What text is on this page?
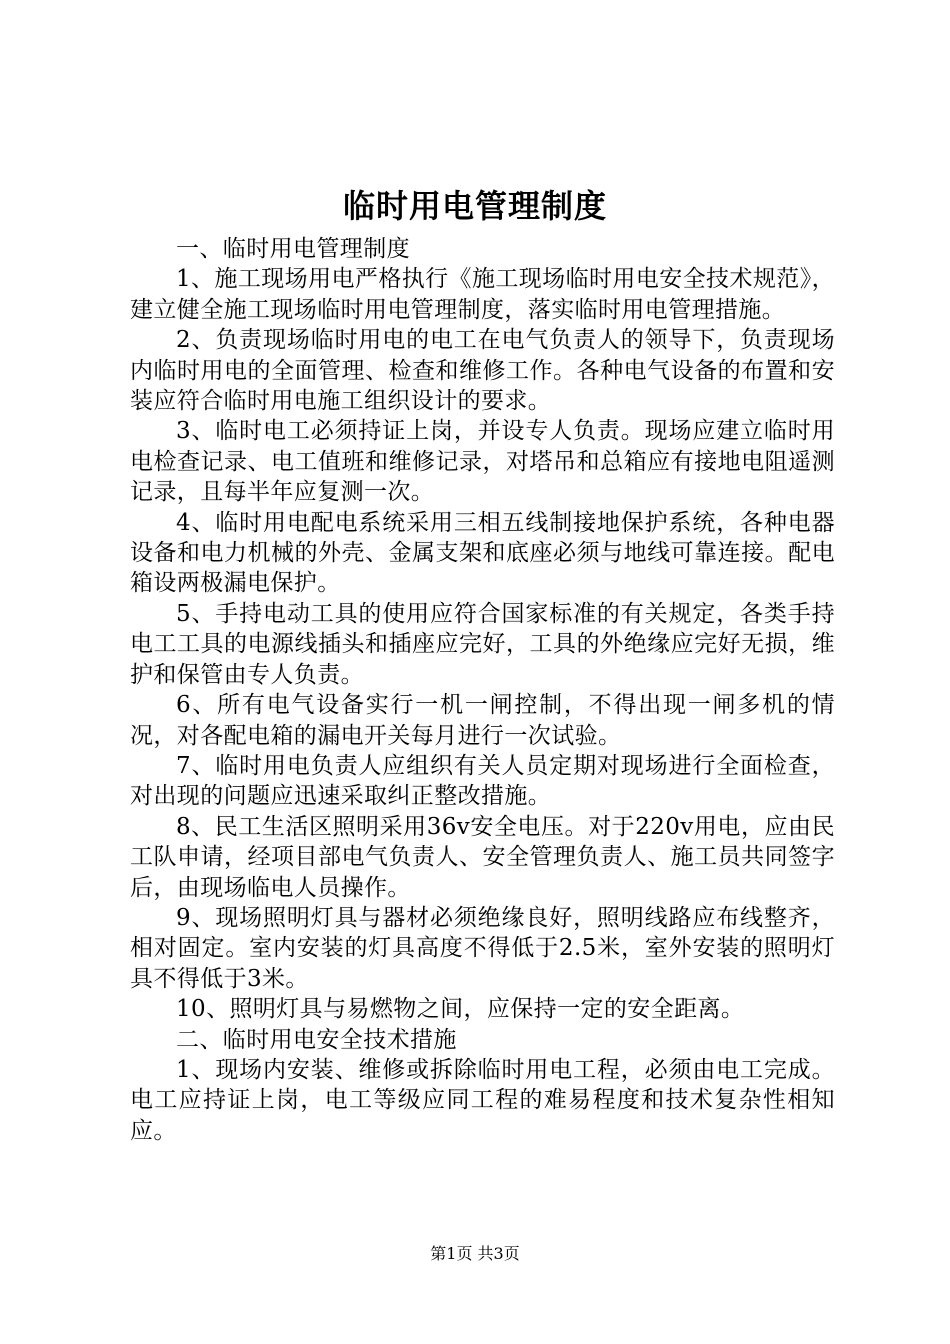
临时用电管理制度

一、临时用电管理制度

1、施工现场用电严格执行《施工现场临时用电安全技术规范》，建立健全施工现场临时用电管理制度，落实临时用电管理措施。

2、负责现场临时用电的电工在电气负责人的领导下，负责现场内临时用电的全面管理、检查和维修工作。各种电气设备的布置和安装应符合临时用电施工组织设计的要求。

3、临时电工必须持证上岗，并设专人负责。现场应建立临时用电检查记录、电工值班和维修记录，对塔吊和总箱应有接地电阻遥测记录，且每半年应复测一次。

4、临时用电配电系统采用三相五线制接地保护系统，各种电器设备和电力机械的外壳、金属支架和底座必须与地线可靠连接。配电箱设两极漏电保护。

5、手持电动工具的使用应符合国家标准的有关规定，各类手持电工工具的电源线插头和插座应完好，工具的外绝缘应完好无损，维护和保管由专人负责。

6、所有电气设备实行一机一闸控制，不得出现一闸多机的情况，对各配电箱的漏电开关每月进行一次试验。

7、临时用电负责人应组织有关人员定期对现场进行全面检查，对出现的问题应迅速采取纠正整改措施。

8、民工生活区照明采用36v安全电压。对于220v用电，应由民工队申请，经项目部电气负责人、安全管理负责人、施工员共同签字后，由现场临电人员操作。

9、现场照明灯具与器材必须绝缘良好，照明线路应布线整齐，相对固定。室内安装的灯具高度不得低于2.5米，室外安装的照明灯具不得低于3米。

10、照明灯具与易燃物之间，应保持一定的安全距离。

二、临时用电安全技术措施

1、现场内安装、维修或拆除临时用电工程，必须由电工完成。电工应持证上岗，电工等级应同工程的难易程度和技术复杂性相知应。

第1页 共3页
